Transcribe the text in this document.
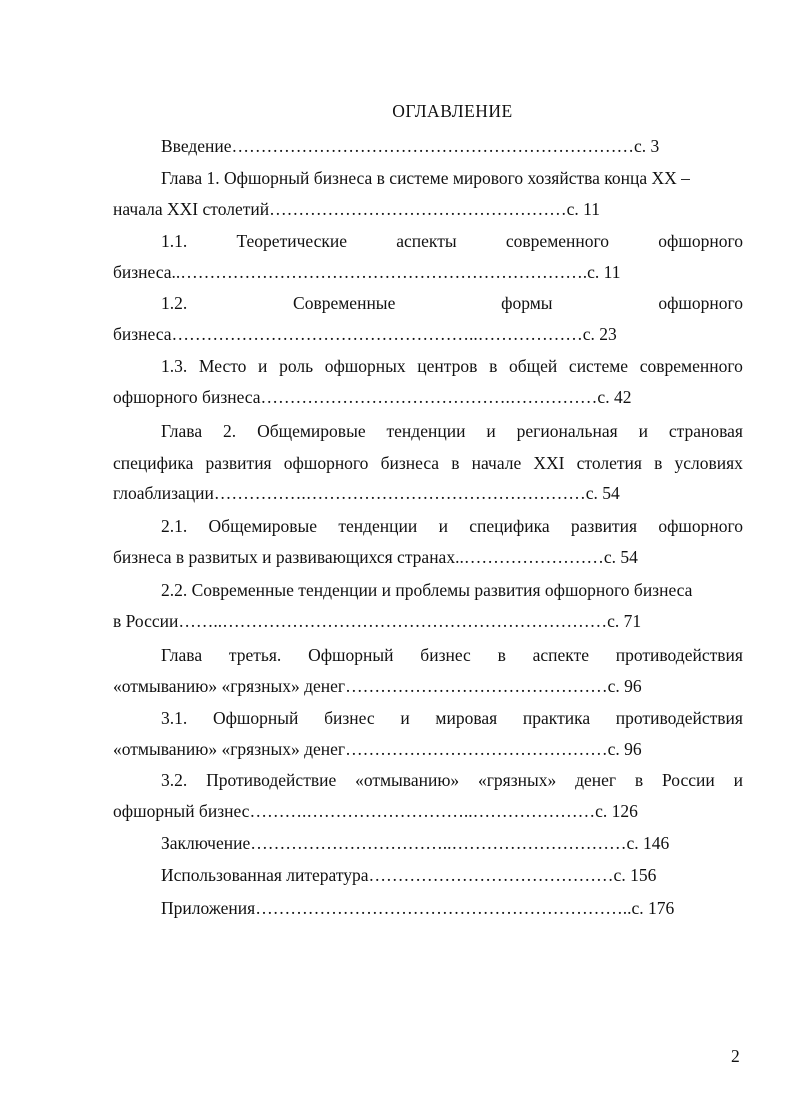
ОГЛАВЛЕНИЕ
Введение……………………………………………………………c. 3
Глава 1. Офшорный бизнеса в системе мирового хозяйства конца XX –
начала XXI столетий……………………………………………c. 11
1.1.	Теоретические	аспекты	современного	офшорного
бизнеса..…………………………………………………………….c. 11
1.2.	Современные	формы	офшорного
бизнеса……………………………………………..………………c. 23
1.3. Место и роль офшорных центров в общей системе современного
офшорного бизнеса…………………………………….……………c. 42
Глава 2. Общемировые тенденции и региональная и страновая
специфика развития офшорного бизнеса в начале XXI столетия в условиях
глоаблизации…………….…………………………………………c. 54
2.1. Общемировые тенденции и специфика развития офшорного
бизнеса в развитых и развивающихся странах..……………………c. 54
2.2. Современные тенденции и проблемы развития офшорного бизнеса
в России……..…………………………………………………………c. 71
Глава третья. Офшорный бизнес в аспекте противодействия
«отмыванию» «грязных» денег………………………………………c. 96
3.1. Офшорный бизнес и мировая практика противодействия
«отмыванию» «грязных» денег………………………………………c. 96
3.2. Противодействие «отмыванию» «грязных» денег в России и
офшорный бизнес……….………………………..…………………c. 126
Заключение……………………………..…………………………c. 146
Использованная литература……………………………………c. 156
Приложения………………………………………………………..c. 176
2
